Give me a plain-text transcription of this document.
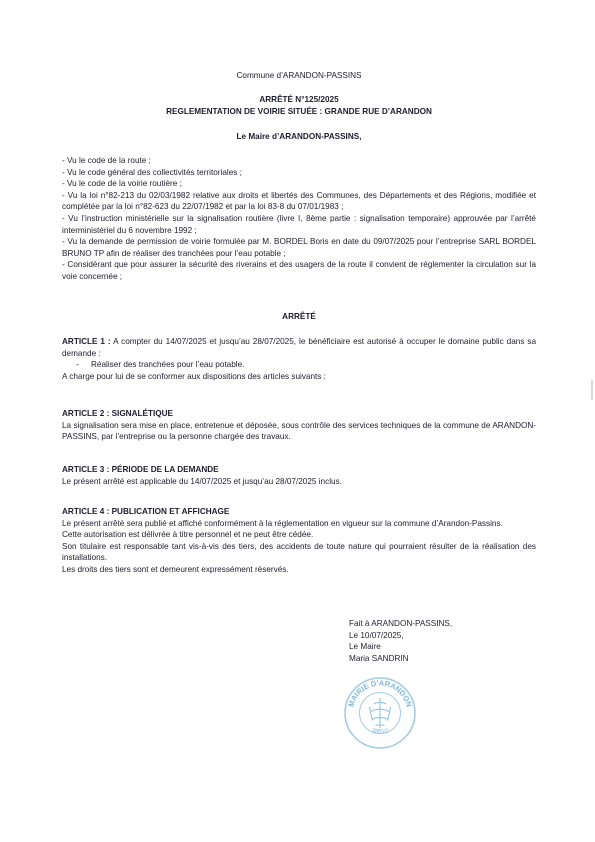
Commune d’ARANDON-PASSINS
ARRÊTÉ N°125/2025
REGLEMENTATION DE VOIRIE SITUÉE : GRANDE RUE D’ARANDON
Le Maire d’ARANDON-PASSINS,

- Vu le code de la route ;

- Vu le code général des collectivités territoriales ;

- Vu le code de la voirie routière ;

- Vu la loi n°82-213 du 02/03/1982 relative aux droits et libertés des Communes, des Départements et des Régions, modifiée et complétée par la loi n°82-623 du 22/07/1982 et par la loi 83-8 du 07/01/1983 ;

- Vu l’instruction ministérielle sur la signalisation routière (livre I, 8ème partie : signalisation temporaire) approuvée par l’arrêté interministériel du 6 novembre 1992 ;

- Vu la demande de permission de voirie formulée par M. BORDEL Boris en date du 09/07/2025 pour l’entreprise SARL BORDEL BRUNO TP afin de réaliser des tranchées pour l’eau potable ;

- Considérant que pour assurer la sécurité des riverains et des usagers de la route il convient de réglementer la circulation sur la voie concernée ;

ARRÊTÉ

ARTICLE 1 : A compter du 14/07/2025 et jusqu’au 28/07/2025, le bénéficiaire est autorisé à occuper le domaine public dans sa demande :

- Réaliser des tranchées pour l’eau potable.

A charge pour lui de se conformer aux dispositions des articles suivants :

ARTICLE 2 : SIGNALÉTIQUE

La signalisation sera mise en place, entretenue et déposée, sous contrôle des services techniques de la commune de ARANDON-PASSINS, par l’entreprise ou la personne chargée des travaux.

ARTICLE 3 : PÉRIODE DE LA DEMANDE

Le présent arrêté est applicable du 14/07/2025 et jusqu’au 28/07/2025 inclus.

ARTICLE 4 : PUBLICATION ET AFFICHAGE

Le présent arrêté sera publié et affiché conformément à la réglementation en vigueur sur la commune d’Arandon-Passins.

Cette autorisation est délivrée à titre personnel et ne peut être cédée.

Son titulaire est responsable tant vis-à-vis des tiers, des accidents de toute nature qui pourraient résulter de la réalisation des installations.

Les droits des tiers sont et demeurent expressément réservés.

Fait à ARANDON-PASSINS,

Le 10/07/2025,

Le Maire

Maria SANDRIN

MAIRIE D'ARANDON
38510
